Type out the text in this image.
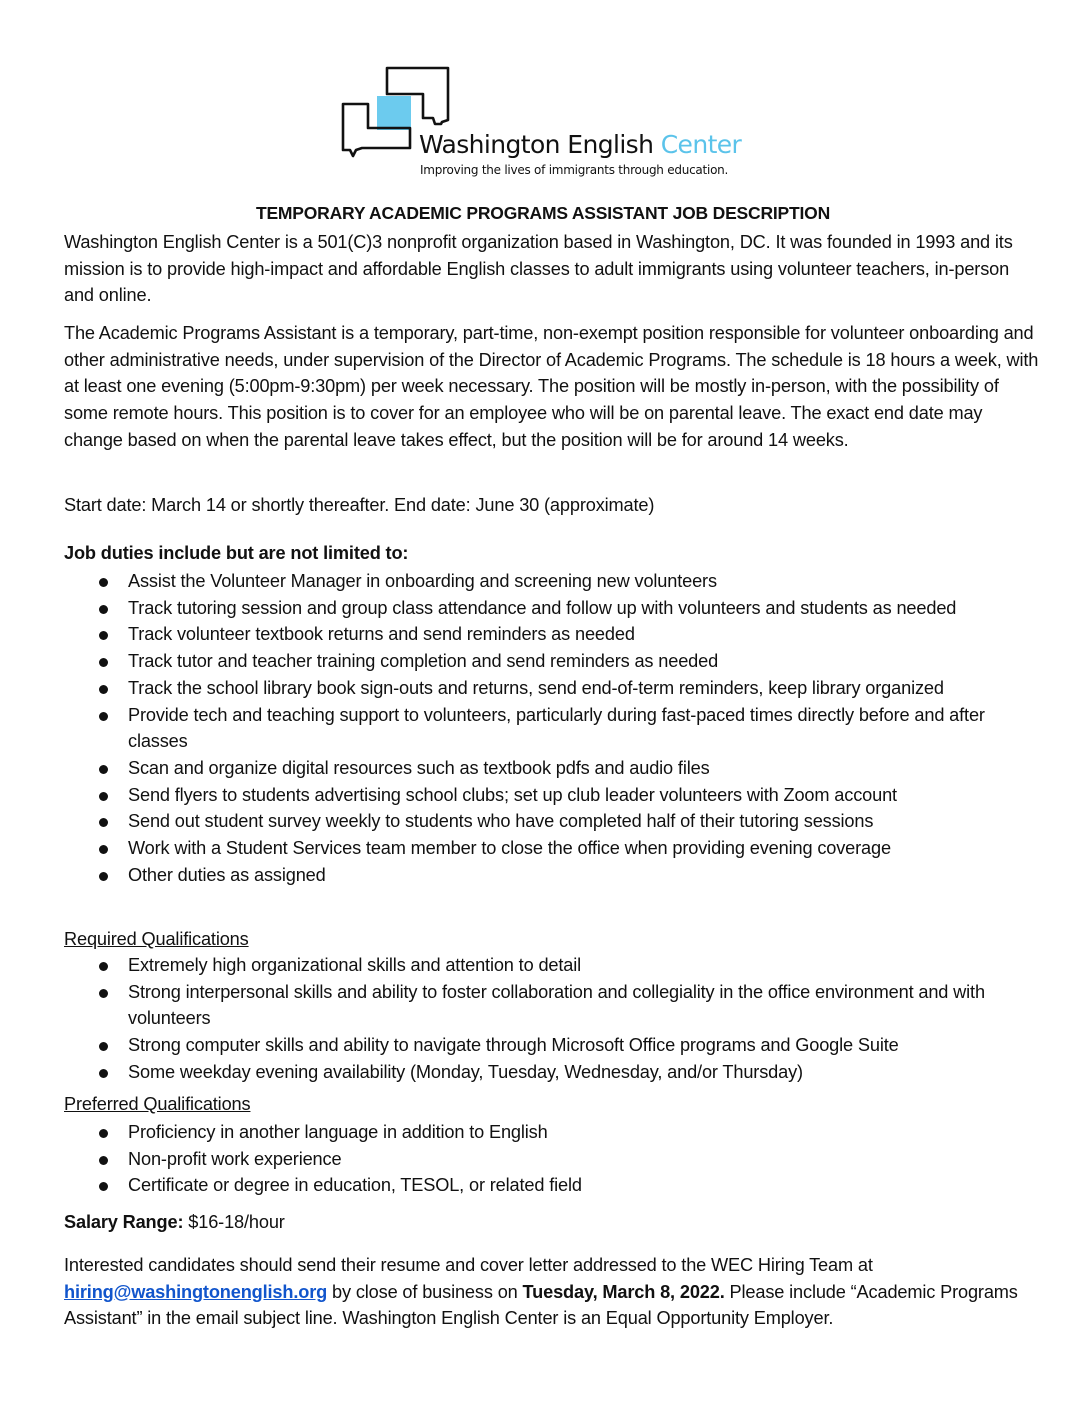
Washington English Center
Improving the lives of immigrants through education.
TEMPORARY ACADEMIC PROGRAMS ASSISTANT JOB DESCRIPTION

Washington English Center is a 501(C)3 nonprofit organization based in Washington, DC. It was founded in 1993 and its mission is to provide high-impact and affordable English classes to adult immigrants using volunteer teachers, in-person and online.

The Academic Programs Assistant is a temporary, part-time, non-exempt position responsible for volunteer onboarding and other administrative needs, under supervision of the Director of Academic Programs. The schedule is 18 hours a week, with at least one evening (5:00pm-9:30pm) per week necessary. The position will be mostly in-person, with the possibility of some remote hours. This position is to cover for an employee who will be on parental leave. The exact end date may change based on when the parental leave takes effect, but the position will be for around 14 weeks.

Start date: March 14 or shortly thereafter. End date: June 30 (approximate)

Job duties include but are not limited to:
Assist the Volunteer Manager in onboarding and screening new volunteers
Track tutoring session and group class attendance and follow up with volunteers and students as needed
Track volunteer textbook returns and send reminders as needed
Track tutor and teacher training completion and send reminders as needed
Track the school library book sign-outs and returns, send end-of-term reminders, keep library organized
Provide tech and teaching support to volunteers, particularly during fast-paced times directly before and after classes
Scan and organize digital resources such as textbook pdfs and audio files
Send flyers to students advertising school clubs; set up club leader volunteers with Zoom account
Send out student survey weekly to students who have completed half of their tutoring sessions
Work with a Student Services team member to close the office when providing evening coverage
Other duties as assigned
Required Qualifications
Extremely high organizational skills and attention to detail
Strong interpersonal skills and ability to foster collaboration and collegiality in the office environment and with volunteers
Strong computer skills and ability to navigate through Microsoft Office programs and Google Suite
Some weekday evening availability (Monday, Tuesday, Wednesday, and/or Thursday)
Preferred Qualifications
Proficiency in another language in addition to English
Non-profit work experience
Certificate or degree in education, TESOL, or related field
Salary Range: $16-18/hour

Interested candidates should send their resume and cover letter addressed to the WEC Hiring Team at hiring@washingtonenglish.org by close of business on Tuesday, March 8, 2022. Please include “Academic Programs Assistant” in the email subject line. Washington English Center is an Equal Opportunity Employer.
